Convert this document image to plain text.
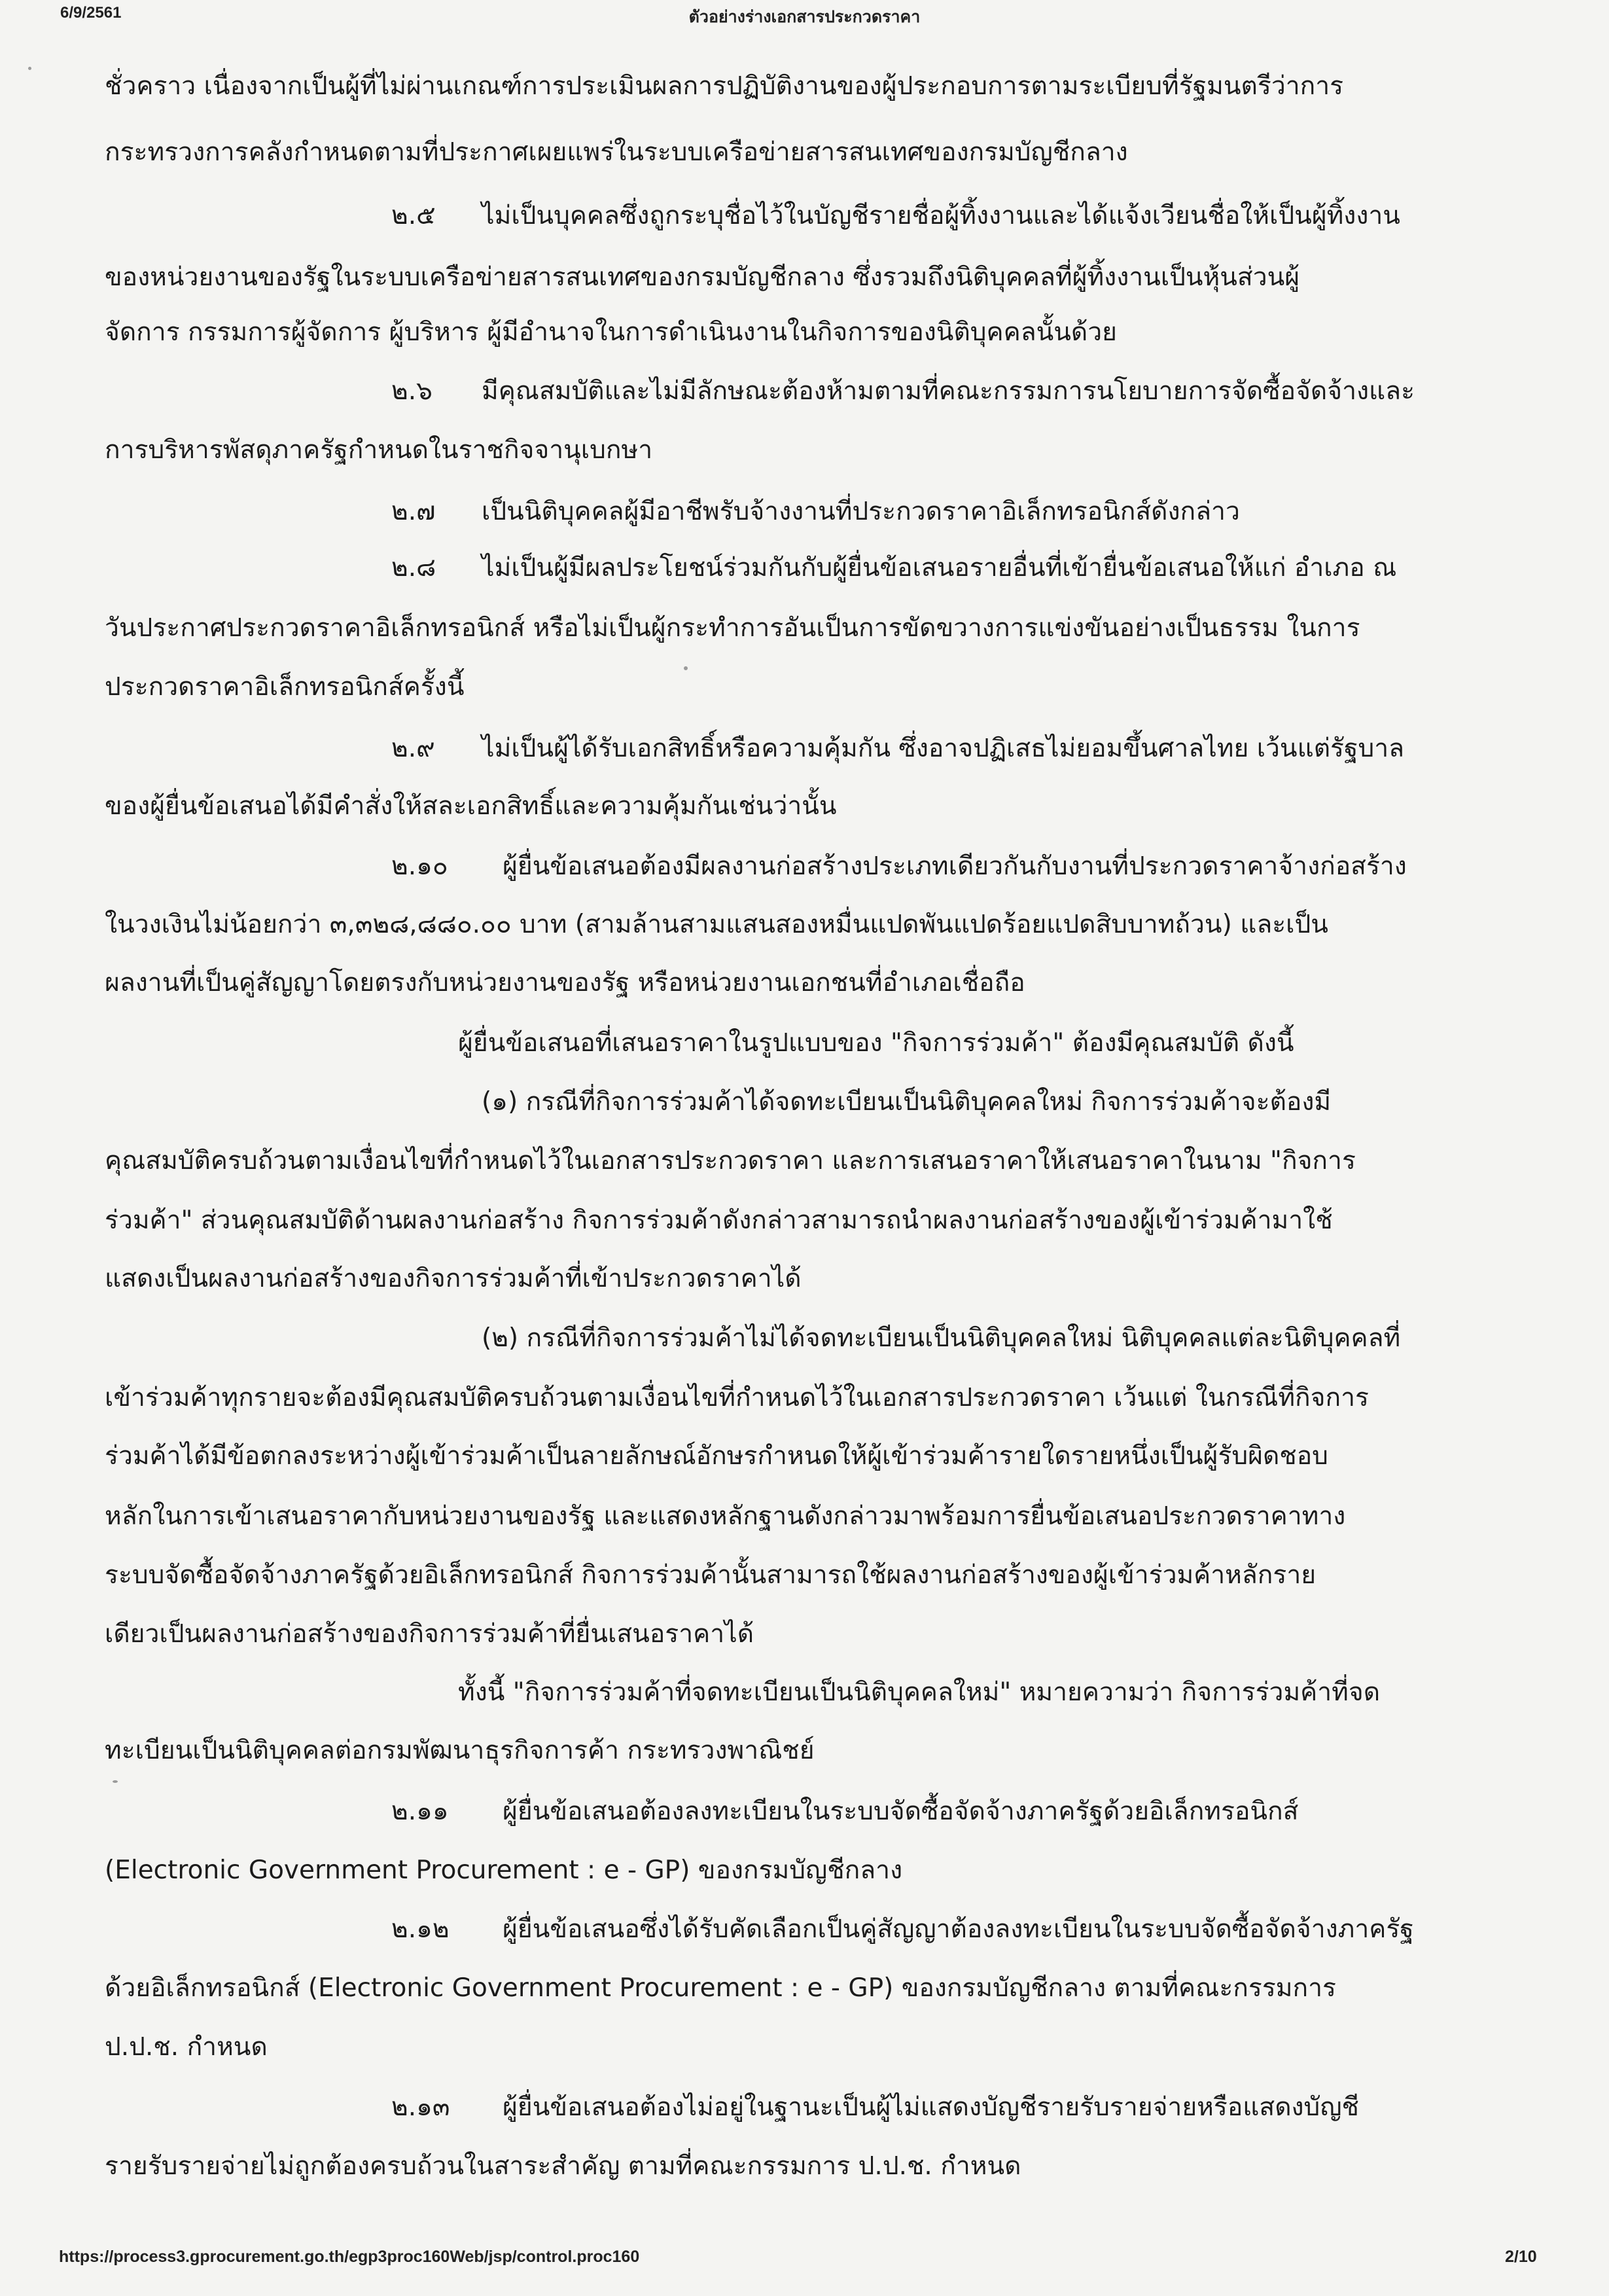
6/9/2561	ตัวอย่างร่างเอกสารประกวดราคา
ชั่วคราว เนื่องจากเป็นผู้ที่ไม่ผ่านเกณฑ์การประเมินผลการปฏิบัติงานของผู้ประกอบการตามระเบียบที่รัฐมนตรีว่าการ
กระทรวงการคลังกำหนดตามที่ประกาศเผยแพร่ในระบบเครือข่ายสารสนเทศของกรมบัญชีกลาง
๒.๕ ไม่เป็นบุคคลซึ่งถูกระบุชื่อไว้ในบัญชีรายชื่อผู้ทิ้งงานและได้แจ้งเวียนชื่อให้เป็นผู้ทิ้งงาน
ของหน่วยงานของรัฐในระบบเครือข่ายสารสนเทศของกรมบัญชีกลาง ซึ่งรวมถึงนิติบุคคลที่ผู้ทิ้งงานเป็นหุ้นส่วนผู้
จัดการ กรรมการผู้จัดการ ผู้บริหาร ผู้มีอำนาจในการดำเนินงานในกิจการของนิติบุคคลนั้นด้วย
๒.๖ มีคุณสมบัติและไม่มีลักษณะต้องห้ามตามที่คณะกรรมการนโยบายการจัดซื้อจัดจ้างและ
การบริหารพัสดุภาครัฐกำหนดในราชกิจจานุเบกษา
๒.๗ เป็นนิติบุคคลผู้มีอาชีพรับจ้างงานที่ประกวดราคาอิเล็กทรอนิกส์ดังกล่าว
๒.๘ ไม่เป็นผู้มีผลประโยชน์ร่วมกันกับผู้ยื่นข้อเสนอรายอื่นที่เข้ายื่นข้อเสนอให้แก่ อำเภอ ณ
วันประกาศประกวดราคาอิเล็กทรอนิกส์ หรือไม่เป็นผู้กระทำการอันเป็นการขัดขวางการแข่งขันอย่างเป็นธรรม ในการ
ประกวดราคาอิเล็กทรอนิกส์ครั้งนี้
๒.๙ ไม่เป็นผู้ได้รับเอกสิทธิ์หรือความคุ้มกัน ซึ่งอาจปฏิเสธไม่ยอมขึ้นศาลไทย เว้นแต่รัฐบาล
ของผู้ยื่นข้อเสนอได้มีคำสั่งให้สละเอกสิทธิ์และความคุ้มกันเช่นว่านั้น
๒.๑๐ ผู้ยื่นข้อเสนอต้องมีผลงานก่อสร้างประเภทเดียวกันกับงานที่ประกวดราคาจ้างก่อสร้าง
ในวงเงินไม่น้อยกว่า ๓,๓๒๘,๘๘๐.๐๐ บาท (สามล้านสามแสนสองหมื่นแปดพันแปดร้อยแปดสิบบาทถ้วน) และเป็น
ผลงานที่เป็นคู่สัญญาโดยตรงกับหน่วยงานของรัฐ หรือหน่วยงานเอกชนที่อำเภอเชื่อถือ
ผู้ยื่นข้อเสนอที่เสนอราคาในรูปแบบของ "กิจการร่วมค้า" ต้องมีคุณสมบัติ ดังนี้
(๑) กรณีที่กิจการร่วมค้าได้จดทะเบียนเป็นนิติบุคคลใหม่ กิจการร่วมค้าจะต้องมี
คุณสมบัติครบถ้วนตามเงื่อนไขที่กำหนดไว้ในเอกสารประกวดราคา และการเสนอราคาให้เสนอราคาในนาม "กิจการ
ร่วมค้า" ส่วนคุณสมบัติด้านผลงานก่อสร้าง กิจการร่วมค้าดังกล่าวสามารถนำผลงานก่อสร้างของผู้เข้าร่วมค้ามาใช้
แสดงเป็นผลงานก่อสร้างของกิจการร่วมค้าที่เข้าประกวดราคาได้
(๒) กรณีที่กิจการร่วมค้าไม่ได้จดทะเบียนเป็นนิติบุคคลใหม่ นิติบุคคลแต่ละนิติบุคคลที่
เข้าร่วมค้าทุกรายจะต้องมีคุณสมบัติครบถ้วนตามเงื่อนไขที่กำหนดไว้ในเอกสารประกวดราคา เว้นแต่ ในกรณีที่กิจการ
ร่วมค้าได้มีข้อตกลงระหว่างผู้เข้าร่วมค้าเป็นลายลักษณ์อักษรกำหนดให้ผู้เข้าร่วมค้ารายใดรายหนึ่งเป็นผู้รับผิดชอบ
หลักในการเข้าเสนอราคากับหน่วยงานของรัฐ และแสดงหลักฐานดังกล่าวมาพร้อมการยื่นข้อเสนอประกวดราคาทาง
ระบบจัดซื้อจัดจ้างภาครัฐด้วยอิเล็กทรอนิกส์ กิจการร่วมค้านั้นสามารถใช้ผลงานก่อสร้างของผู้เข้าร่วมค้าหลักราย
เดียวเป็นผลงานก่อสร้างของกิจการร่วมค้าที่ยื่นเสนอราคาได้
ทั้งนี้ "กิจการร่วมค้าที่จดทะเบียนเป็นนิติบุคคลใหม่" หมายความว่า กิจการร่วมค้าที่จด
ทะเบียนเป็นนิติบุคคลต่อกรมพัฒนาธุรกิจการค้า กระทรวงพาณิชย์
๒.๑๑ ผู้ยื่นข้อเสนอต้องลงทะเบียนในระบบจัดซื้อจัดจ้างภาครัฐด้วยอิเล็กทรอนิกส์
(Electronic Government Procurement : e - GP) ของกรมบัญชีกลาง
๒.๑๒ ผู้ยื่นข้อเสนอซึ่งได้รับคัดเลือกเป็นคู่สัญญาต้องลงทะเบียนในระบบจัดซื้อจัดจ้างภาครัฐ
ด้วยอิเล็กทรอนิกส์ (Electronic Government Procurement : e - GP) ของกรมบัญชีกลาง ตามที่คณะกรรมการ
ป.ป.ช. กำหนด
๒.๑๓ ผู้ยื่นข้อเสนอต้องไม่อยู่ในฐานะเป็นผู้ไม่แสดงบัญชีรายรับรายจ่ายหรือแสดงบัญชี
รายรับรายจ่ายไม่ถูกต้องครบถ้วนในสาระสำคัญ ตามที่คณะกรรมการ ป.ป.ช. กำหนด
https://process3.gprocurement.go.th/egp3proc160Web/jsp/control.proc160	2/10
